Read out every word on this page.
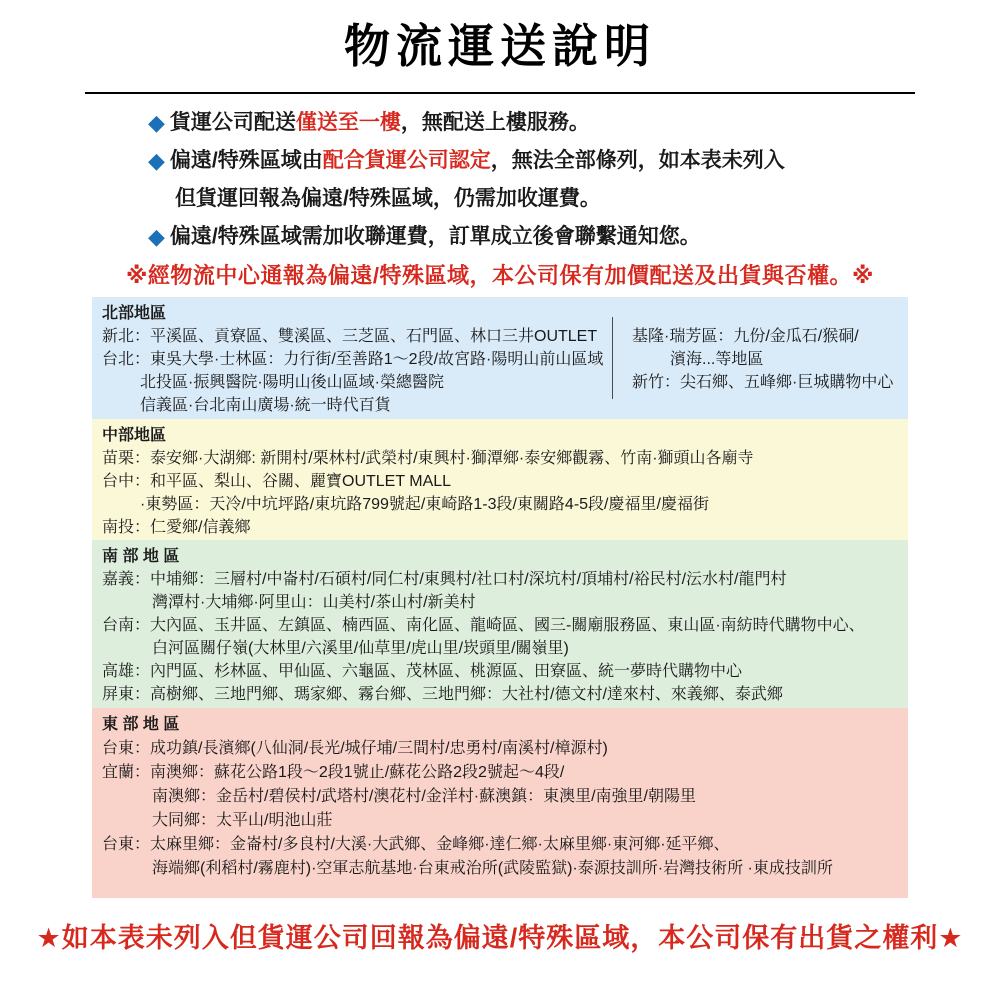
物流運送說明
◆ 貨運公司配送僅送至一樓，無配送上樓服務。
◆ 偏遠/特殊區域由配合貨運公司認定，無法全部條列，如本表未列入
但貨運回報為偏遠/特殊區域，仍需加收運費。
◆ 偏遠/特殊區域需加收聯運費，訂單成立後會聯繫通知您。
※經物流中心通報為偏遠/特殊區域，本公司保有加價配送及出貨與否權。※
北部地區
新北：平溪區、貢寮區、雙溪區、三芝區、石門區、林口三井OUTLET
台北：東吳大學·士林區：力行街/至善路1～2段/故宮路·陽明山前山區域
北投區·振興醫院·陽明山後山區域·榮總醫院
信義區·台北南山廣場·統一時代百貨
基隆·瑞芳區：九份/金瓜石/猴硐/
濱海...等地區
新竹：尖石鄉、五峰鄉·巨城購物中心
中部地區
苗栗：泰安鄉·大湖鄉: 新開村/栗林村/武榮村/東興村·獅潭鄉·泰安鄉觀霧、竹南·獅頭山各廟寺
台中：和平區、梨山、谷關、麗寶OUTLET MALL
·東勢區：天冷/中坑坪路/東坑路799號起/東崎路1-3段/東關路4-5段/慶福里/慶福街
南投：仁愛鄉/信義鄉
南 部 地 區
嘉義：中埔鄉：三層村/中崙村/石碩村/同仁村/東興村/社口村/深坑村/頂埔村/裕民村/沄水村/龍門村
灣潭村·大埔鄉·阿里山：山美村/茶山村/新美村
台南：大內區、玉井區、左鎮區、楠西區、南化區、龍崎區、國三-關廟服務區、東山區·南紡時代購物中心、
白河區關仔嶺(大林里/六溪里/仙草里/虎山里/崁頭里/關嶺里)
高雄：內門區、杉林區、甲仙區、六龜區、茂林區、桃源區、田寮區、統一夢時代購物中心
屏東：高樹鄉、三地門鄉、瑪家鄉、霧台鄉、三地門鄉：大社村/德文村/達來村、來義鄉、泰武鄉
東 部 地 區
台東：成功鎮/長濱鄉(八仙洞/長光/城仔埔/三間村/忠勇村/南溪村/樟源村)
宜蘭：南澳鄉：蘇花公路1段～2段1號止/蘇花公路2段2號起～4段/
南澳鄉：金岳村/碧侯村/武塔村/澳花村/金洋村·蘇澳鎮：東澳里/南強里/朝陽里
大同鄉：太平山/明池山莊
台東：太麻里鄉：金崙村/多良村/大溪·大武鄉、金峰鄉·達仁鄉·太麻里鄉·東河鄉·延平鄉、
海端鄉(利稻村/霧鹿村)·空軍志航基地·台東戒治所(武陵監獄)·泰源技訓所·岩灣技術所 ·東成技訓所
★如本表未列入但貨運公司回報為偏遠/特殊區域，本公司保有出貨之權利★
